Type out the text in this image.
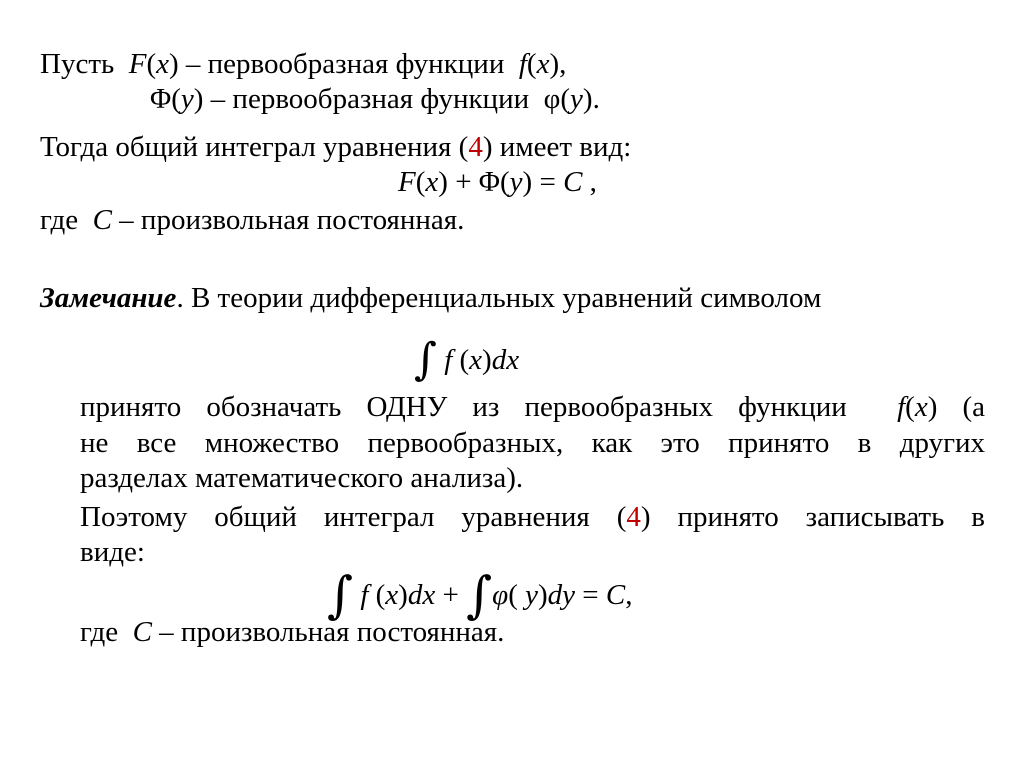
Пусть F(x) – первообразная функции f(x),
Φ(y) – первообразная функции φ(y).
Тогда общий интеграл уравнения (4) имеет вид:
F(x) + Φ(y) = C ,
где C – произвольная постоянная.
Замечание. В теории дифференциальных уравнений символом
∫ f (x)dx
принято обозначать ОДНУ из первообразных функции f(x) (а
не все множество первообразных, как это принято в других
разделах математического анализа).
Поэтому общий интеграл уравнения (4) принято записывать в
виде:
∫ f (x)dx + ∫φ( y)dy = C,
где C – произвольная постоянная.
